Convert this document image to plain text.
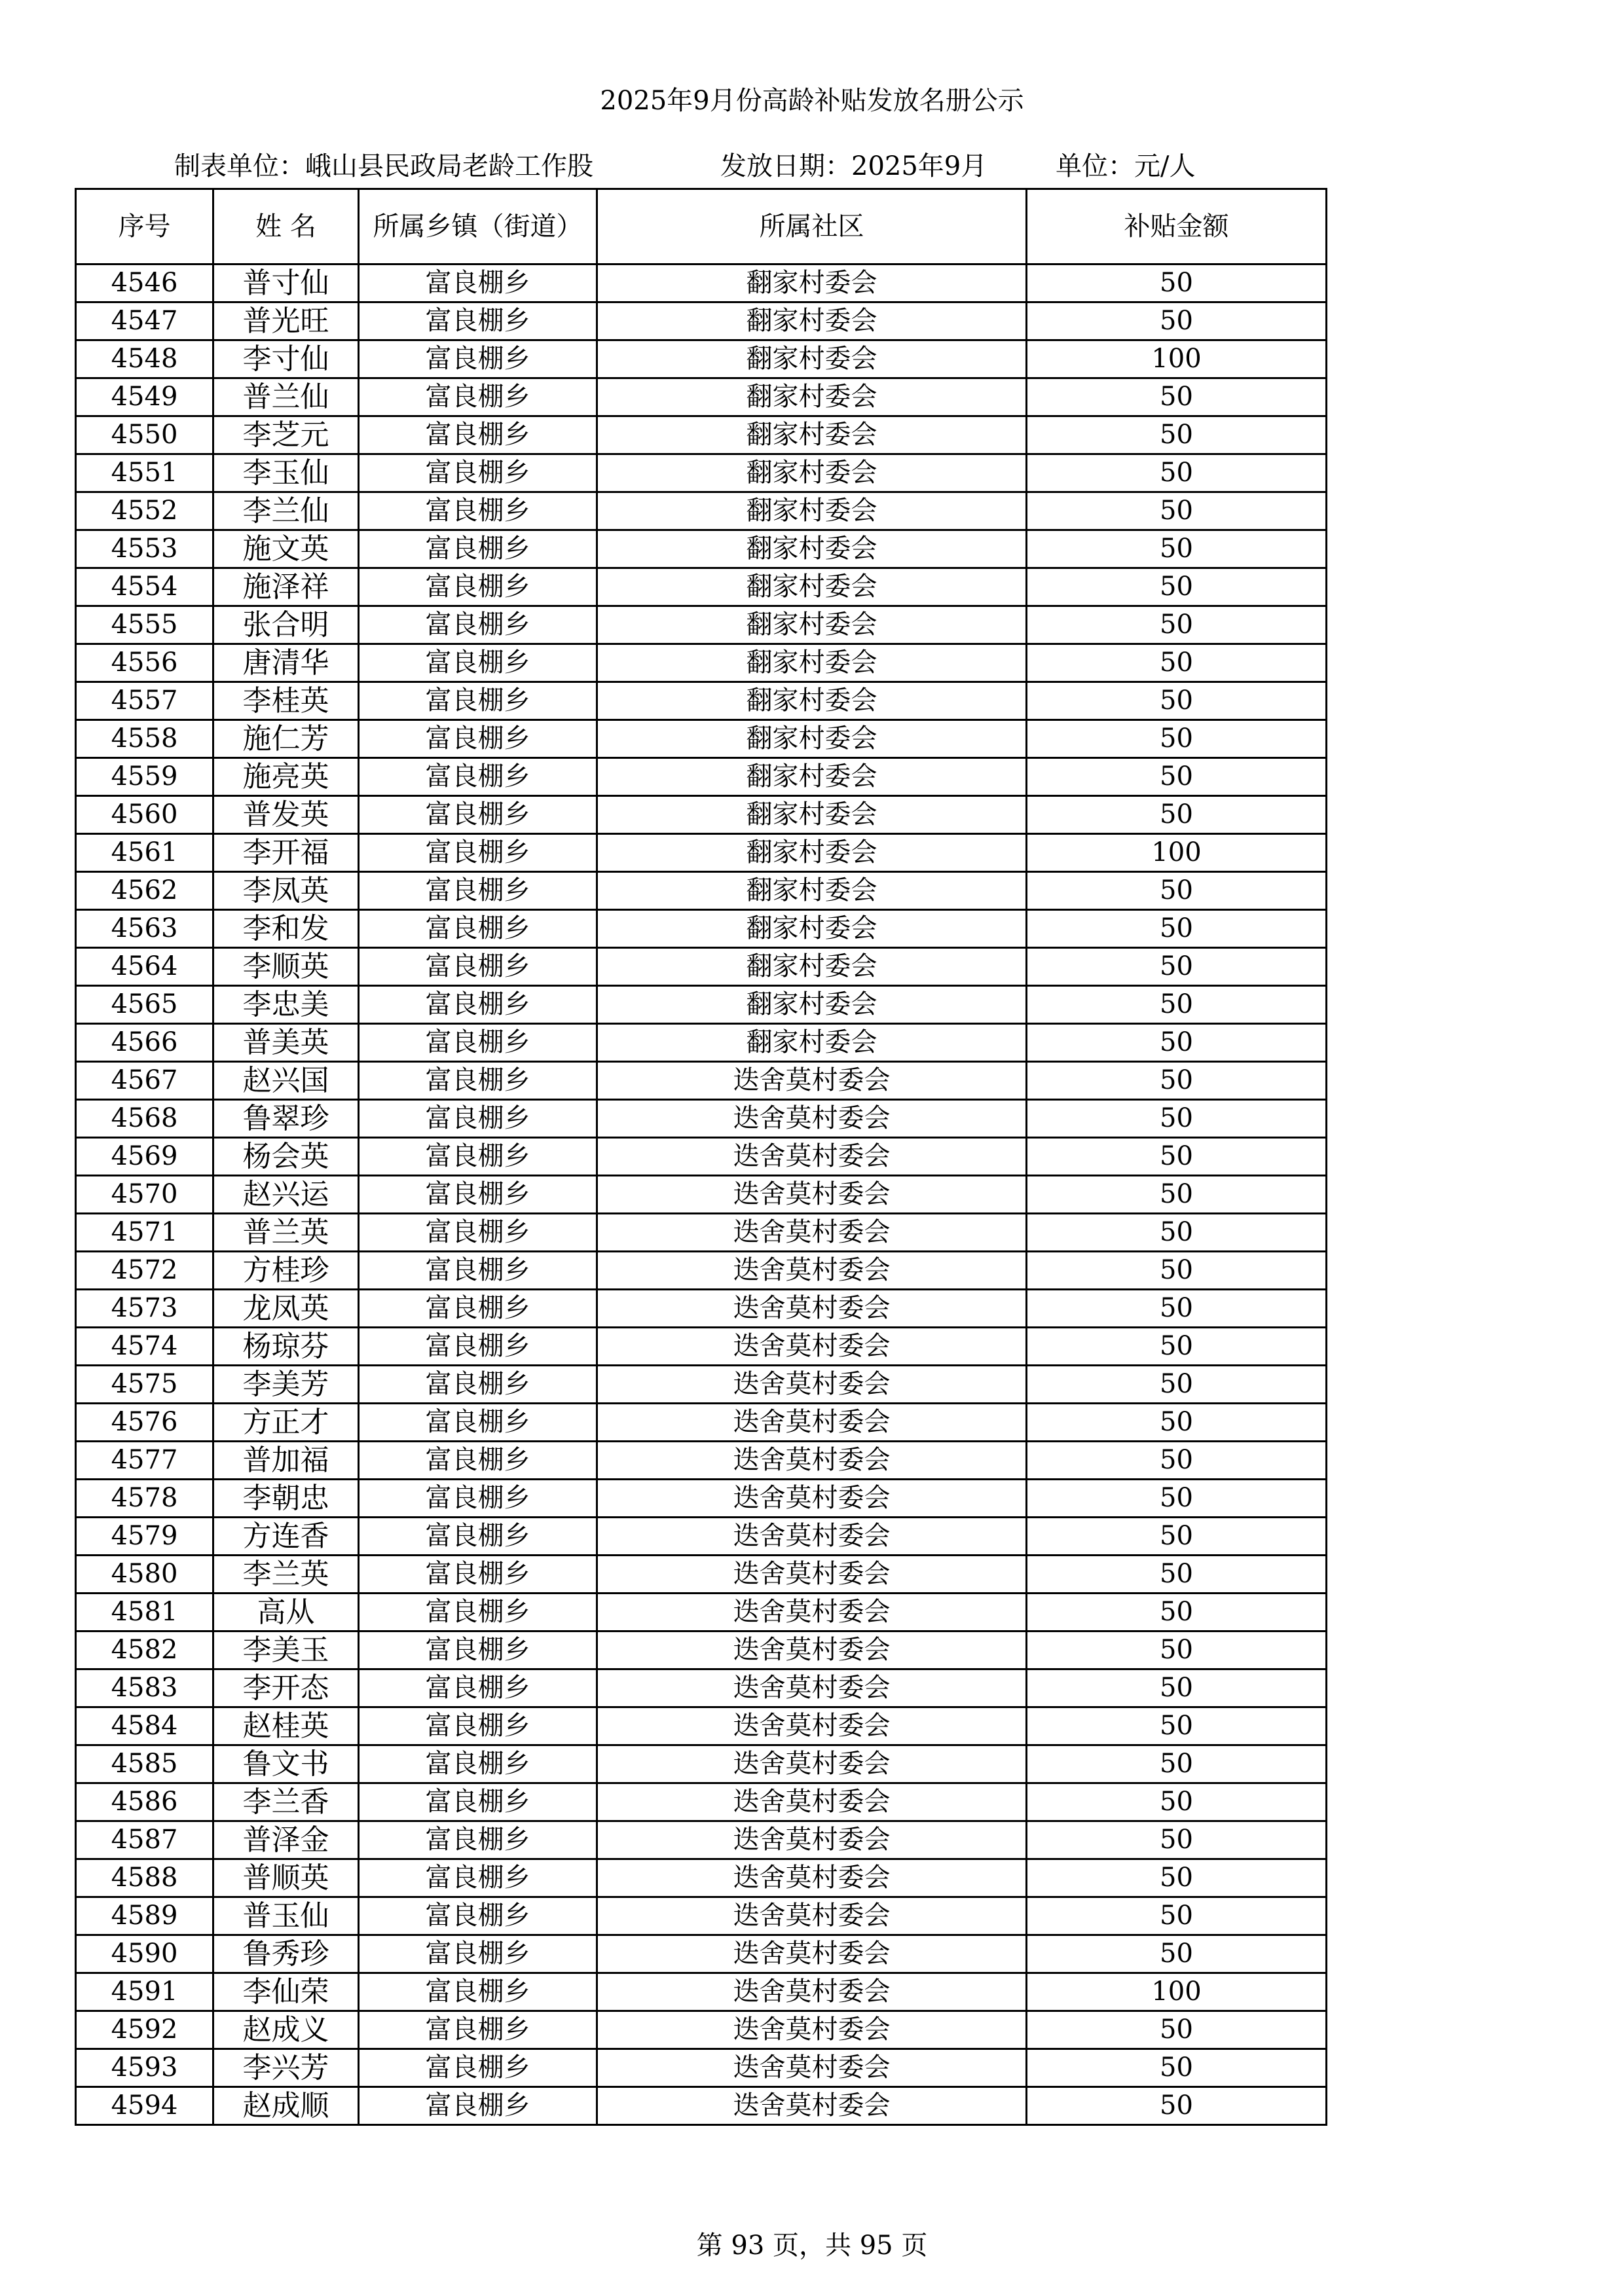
2025年9月份高龄补贴发放名册公示
制表单位：峨山县民政局老龄工作股	发放日期：2025年9月	单位：元/人
序号	姓 名	所属乡镇（街道）	所属社区	补贴金额
4546	普寸仙	富良棚乡	翻家村委会	50
4547	普光旺	富良棚乡	翻家村委会	50
4548	李寸仙	富良棚乡	翻家村委会	100
4549	普兰仙	富良棚乡	翻家村委会	50
4550	李芝元	富良棚乡	翻家村委会	50
4551	李玉仙	富良棚乡	翻家村委会	50
4552	李兰仙	富良棚乡	翻家村委会	50
4553	施文英	富良棚乡	翻家村委会	50
4554	施泽祥	富良棚乡	翻家村委会	50
4555	张合明	富良棚乡	翻家村委会	50
4556	唐清华	富良棚乡	翻家村委会	50
4557	李桂英	富良棚乡	翻家村委会	50
4558	施仁芳	富良棚乡	翻家村委会	50
4559	施亮英	富良棚乡	翻家村委会	50
4560	普发英	富良棚乡	翻家村委会	50
4561	李开福	富良棚乡	翻家村委会	100
4562	李凤英	富良棚乡	翻家村委会	50
4563	李和发	富良棚乡	翻家村委会	50
4564	李顺英	富良棚乡	翻家村委会	50
4565	李忠美	富良棚乡	翻家村委会	50
4566	普美英	富良棚乡	翻家村委会	50
4567	赵兴国	富良棚乡	迭舍莫村委会	50
4568	鲁翠珍	富良棚乡	迭舍莫村委会	50
4569	杨会英	富良棚乡	迭舍莫村委会	50
4570	赵兴运	富良棚乡	迭舍莫村委会	50
4571	普兰英	富良棚乡	迭舍莫村委会	50
4572	方桂珍	富良棚乡	迭舍莫村委会	50
4573	龙凤英	富良棚乡	迭舍莫村委会	50
4574	杨琼芬	富良棚乡	迭舍莫村委会	50
4575	李美芳	富良棚乡	迭舍莫村委会	50
4576	方正才	富良棚乡	迭舍莫村委会	50
4577	普加福	富良棚乡	迭舍莫村委会	50
4578	李朝忠	富良棚乡	迭舍莫村委会	50
4579	方连香	富良棚乡	迭舍莫村委会	50
4580	李兰英	富良棚乡	迭舍莫村委会	50
4581	高从	富良棚乡	迭舍莫村委会	50
4582	李美玉	富良棚乡	迭舍莫村委会	50
4583	李开态	富良棚乡	迭舍莫村委会	50
4584	赵桂英	富良棚乡	迭舍莫村委会	50
4585	鲁文书	富良棚乡	迭舍莫村委会	50
4586	李兰香	富良棚乡	迭舍莫村委会	50
4587	普泽金	富良棚乡	迭舍莫村委会	50
4588	普顺英	富良棚乡	迭舍莫村委会	50
4589	普玉仙	富良棚乡	迭舍莫村委会	50
4590	鲁秀珍	富良棚乡	迭舍莫村委会	50
4591	李仙荣	富良棚乡	迭舍莫村委会	100
4592	赵成义	富良棚乡	迭舍莫村委会	50
4593	李兴芳	富良棚乡	迭舍莫村委会	50
4594	赵成顺	富良棚乡	迭舍莫村委会	50
第 93 页，共 95 页
